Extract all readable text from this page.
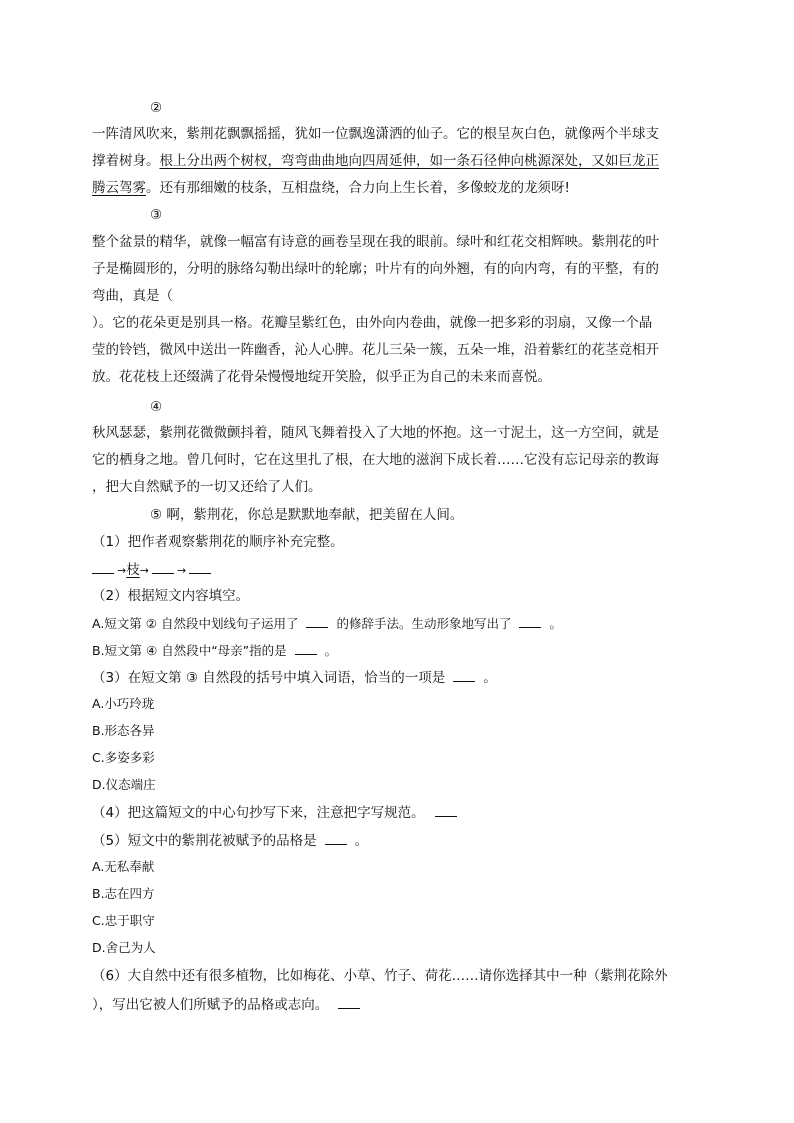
②
一阵清风吹来，紫荆花飘飘摇摇，犹如一位飘逸潇洒的仙子。它的根呈灰白色，就像两个半球支
撑着树身。根上分出两个树杈，弯弯曲曲地向四周延伸，如一条石径伸向桃源深处，又如巨龙正
腾云驾雾。还有那细嫩的枝条，互相盘绕，合力向上生长着，多像蛟龙的龙须呀!
③
整个盆景的精华，就像一幅富有诗意的画卷呈现在我的眼前。绿叶和红花交相辉映。紫荆花的叶
子是椭圆形的，分明的脉络勾勒出绿叶的轮廓；叶片有的向外翘，有的向内弯，有的平整，有的
弯曲，真是（
）。它的花朵更是别具一格。花瓣呈紫红色，由外向内卷曲，就像一把多彩的羽扇，又像一个晶
莹的铃铛，微风中送出一阵幽香，沁人心脾。花儿三朵一簇，五朵一堆，沿着紫红的花茎竞相开
放。花花枝上还缀满了花骨朵慢慢地绽开笑脸，似乎正为自己的未来而喜悦。
④
秋风瑟瑟，紫荆花微微颤抖着，随风飞舞着投入了大地的怀抱。这一寸泥土，这一方空间，就是
它的栖身之地。曾几何时，它在这里扎了根，在大地的滋润下成长着……它没有忘记母亲的教诲
，把大自然赋予的一切又还给了人们。
⑤ 啊，紫荆花，你总是默默地奉献，把美留在人间。
（1）把作者观察紫荆花的顺序补充完整。
→枝→	→
（2）根据短文内容填空。
A.短文第 ② 自然段中划线句子运用了	的修辞手法。生动形象地写出了	。
B.短文第 ④ 自然段中“母亲”指的是	。
（3）在短文第 ③ 自然段的括号中填入词语，恰当的一项是	。
A.小巧玲珑
B.形态各异
C.多姿多彩
D.仪态端庄
（4）把这篇短文的中心句抄写下来，注意把字写规范。
（5）短文中的紫荆花被赋予的品格是	。
A.无私奉献
B.志在四方
C.忠于职守
D.舍己为人
（6）大自然中还有很多植物，比如梅花、小草、竹子、荷花……请你选择其中一种（紫荆花除外
），写出它被人们所赋予的品格或志向。
